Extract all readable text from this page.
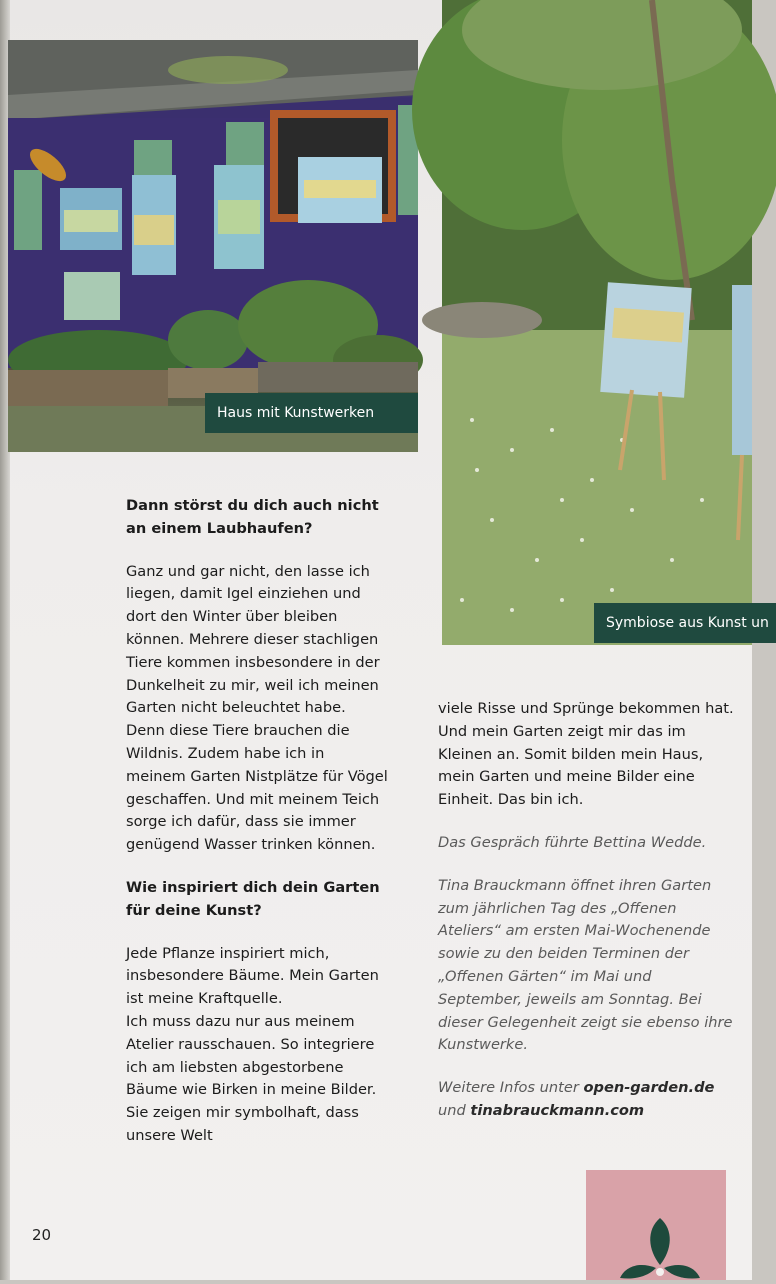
Haus mit Kunstwerken
Symbiose aus Kunst un

Dann störst du dich auch nicht an einem Laubhaufen?

Ganz und gar nicht, den lasse ich liegen, damit Igel einziehen und dort den Winter über bleiben können. Mehrere dieser stachligen Tiere kommen insbesondere in der Dunkelheit zu mir, weil ich meinen Garten nicht beleuchtet habe. Denn diese Tiere brauchen die Wildnis. Zudem habe ich in meinem Garten Nistplätze für Vögel geschaffen. Und mit meinem Teich sorge ich dafür, dass sie immer genügend Wasser trinken können.

Wie inspiriert dich dein Garten für deine Kunst?

Jede Pflanze inspiriert mich, insbesondere Bäume. Mein Garten ist meine Kraftquelle.

Ich muss dazu nur aus meinem Atelier rausschauen. So integriere ich am liebsten abgestorbene Bäume wie Birken in meine Bilder. Sie zeigen mir symbolhaft, dass unsere Welt

viele Risse und Sprünge bekommen hat. Und mein Garten zeigt mir das im Kleinen an. Somit bilden mein Haus, mein Garten und meine Bilder eine Einheit. Das bin ich.

Das Gespräch führte Bettina Wedde.

Tina Brauckmann öffnet ihren Garten zum jährlichen Tag des „Offenen Ateliers“ am ersten Mai-Wochenende sowie zu den beiden Terminen der „Offenen Gärten“ im Mai und September, jeweils am Sonntag. Bei dieser Gelegenheit zeigt sie ebenso ihre Kunstwerke.

Weitere Infos unter open-garden.de
und tinabrauckmann.com

20
